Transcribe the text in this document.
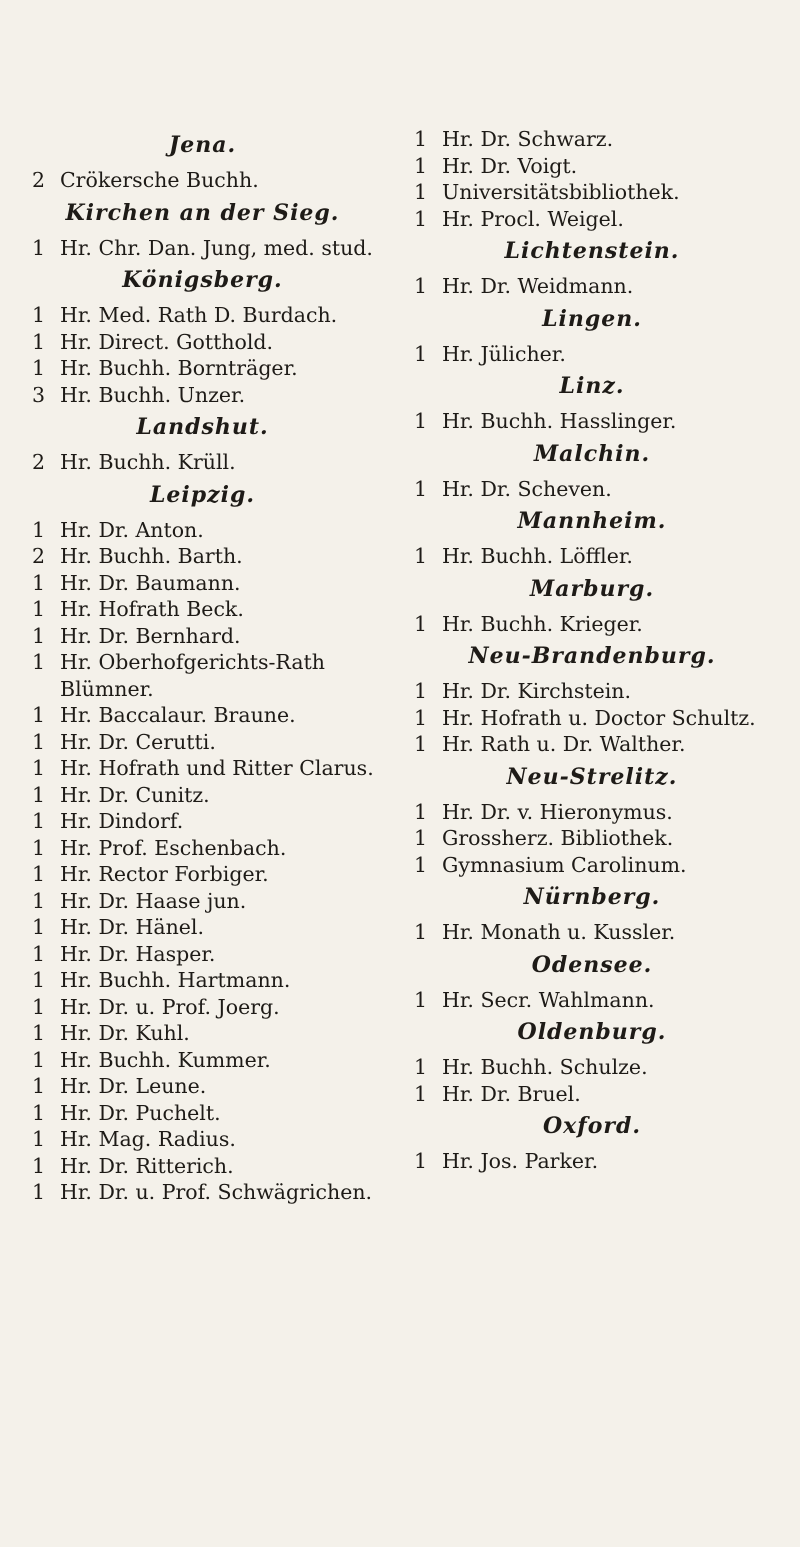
Jena.
2 Crökersche Buchh.
Kirchen an der Sieg.
1 Hr. Chr. Dan. Jung, med. stud.
Königsberg.
1 Hr. Med. Rath D. Burdach.
1 Hr. Direct. Gotthold.
1 Hr. Buchh. Bornträger.
3 Hr. Buchh. Unzer.
Landshut.
2 Hr. Buchh. Krüll.
Leipzig.
1 Hr. Dr. Anton.
2 Hr. Buchh. Barth.
1 Hr. Dr. Baumann.
1 Hr. Hofrath Beck.
1 Hr. Dr. Bernhard.
1 Hr. Oberhofgerichts-Rath Blümner.
1 Hr. Baccalaur. Braune.
1 Hr. Dr. Cerutti.
1 Hr. Hofrath und Ritter Clarus.
1 Hr. Dr. Cunitz.
1 Hr. Dindorf.
1 Hr. Prof. Eschenbach.
1 Hr. Rector Forbiger.
1 Hr. Dr. Haase jun.
1 Hr. Dr. Hänel.
1 Hr. Dr. Hasper.
1 Hr. Buchh. Hartmann.
1 Hr. Dr. u. Prof. Joerg.
1 Hr. Dr. Kuhl.
1 Hr. Buchh. Kummer.
1 Hr. Dr. Leune.
1 Hr. Dr. Puchelt.
1 Hr. Mag. Radius.
1 Hr. Dr. Ritterich.
1 Hr. Dr. u. Prof. Schwägrichen.
1 Hr. Dr. Schwarz.
1 Hr. Dr. Voigt.
1 Universitätsbibliothek.
1 Hr. Procl. Weigel.
Lichtenstein.
1 Hr. Dr. Weidmann.
Lingen.
1 Hr. Jülicher.
Linz.
1 Hr. Buchh. Hasslinger.
Malchin.
1 Hr. Dr. Scheven.
Mannheim.
1 Hr. Buchh. Löffler.
Marburg.
1 Hr. Buchh. Krieger.
Neu-Brandenburg.
1 Hr. Dr. Kirchstein.
1 Hr. Hofrath u. Doctor Schultz.
1 Hr. Rath u. Dr. Walther.
Neu-Strelitz.
1 Hr. Dr. v. Hieronymus.
1 Grossherz. Bibliothek.
1 Gymnasium Carolinum.
Nürnberg.
1 Hr. Monath u. Kussler.
Odensee.
1 Hr. Secr. Wahlmann.
Oldenburg.
1 Hr. Buchh. Schulze.
1 Hr. Dr. Bruel.
Oxford.
1 Hr. Jos. Parker.
